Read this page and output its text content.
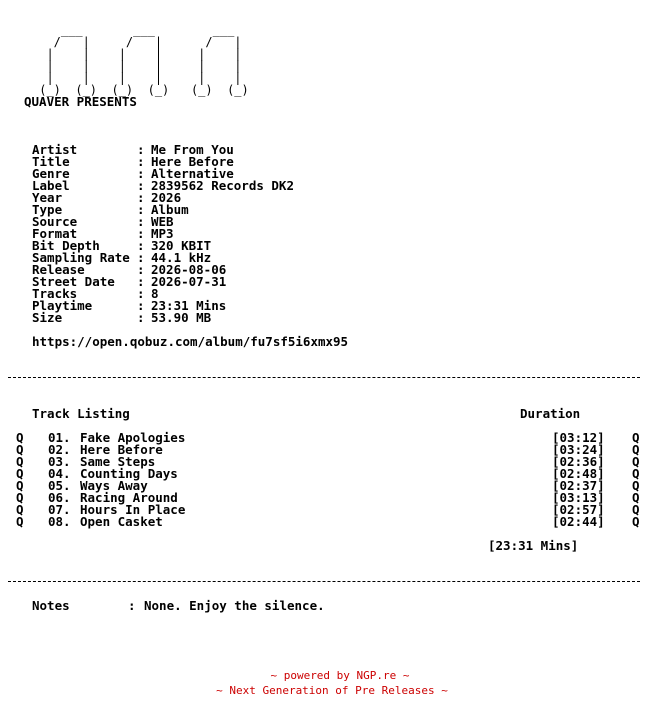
___       ___        ___
/   |     /   |      /   |
|    |    |    |     |    |
|    |    |    |     |    |
|    |    |    |     |    |
(_)  (_)  (_)  (_)   (_)  (_)
QUAVER PRESENTS
Artist	: Me From You
Title	: Here Before
Genre	: Alternative
Label	: 2839562 Records DK2
Year	: 2026
Type	: Album
Source	: WEB
Format	: MP3
Bit Depth	: 320 KBIT
Sampling Rate : 44.1 kHz
Release	: 2026-08-06
Street Date	: 2026-07-31
Tracks	: 8
Playtime	: 23:31 Mins
Size	: 53.90 MB
https://open.qobuz.com/album/fu7sf5i6xmx95
Track Listing	Duration
Q 01. Fake Apologies	[03:12] Q
Q 02. Here Before	[03:24] Q
Q 03. Same Steps	[02:36] Q
Q 04. Counting Days	[02:48] Q
Q 05. Ways Away	[02:37] Q
Q 06. Racing Around	[03:13] Q
Q 07. Hours In Place	[02:57] Q
Q 08. Open Casket	[02:44] Q
[23:31 Mins]
Notes	: None. Enjoy the silence.
~ powered by NGP.re ~
~ Next Generation of Pre Releases ~
